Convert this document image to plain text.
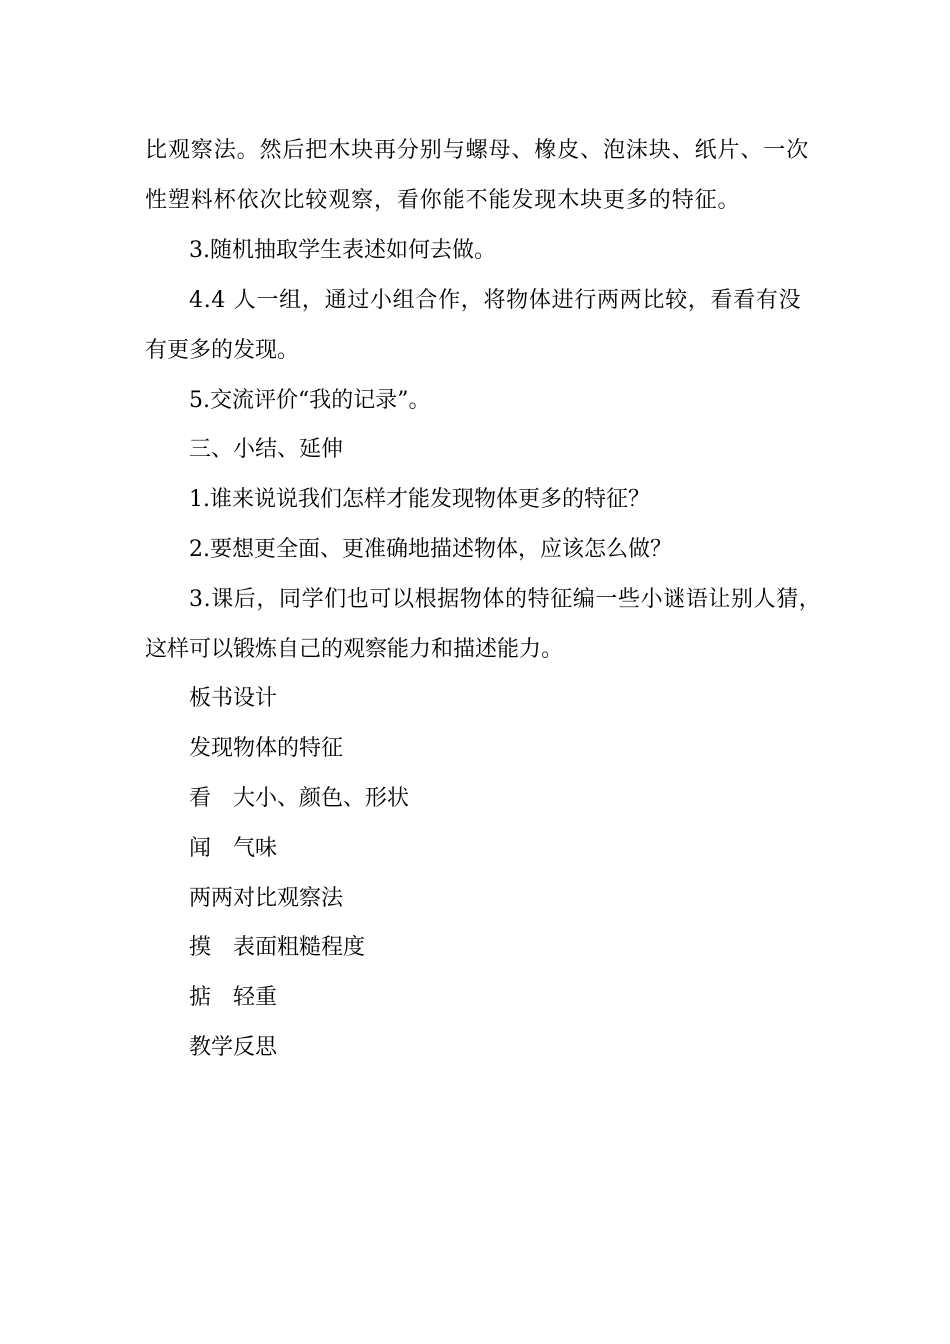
比观察法。然后把木块再分别与螺母、橡皮、泡沫块、纸片、一次
性塑料杯依次比较观察，看你能不能发现木块更多的特征。
3.随机抽取学生表述如何去做。
4.4 人一组，通过小组合作，将物体进行两两比较，看看有没
有更多的发现。
5.交流评价“我的记录”。
三、小结、延伸
1.谁来说说我们怎样才能发现物体更多的特征？
2.要想更全面、更准确地描述物体，应该怎么做？
3.课后，同学们也可以根据物体的特征编一些小谜语让别人猜，
这样可以锻炼自己的观察能力和描述能力。
板书设计
发现物体的特征
看 大小、颜色、形状
闻 气味
两两对比观察法
摸 表面粗糙程度
掂 轻重
教学反思
